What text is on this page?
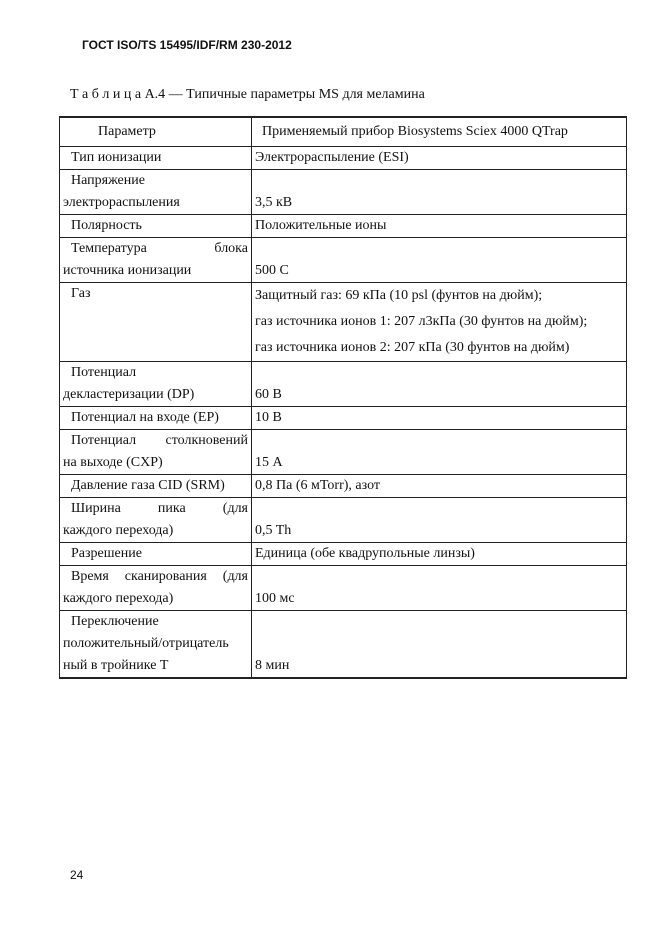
ГОСТ ISO/TS 15495/IDF/RM 230-2012
Т а б л и ц а А.4 — Типичные параметры MS для меламина
Параметр	Применяемый прибор Biosystems Sciex 4000 QTrap

Тип ионизации	Электрораспыление (ESI)

Напряжение
электрораспыления	3,5 кВ

Полярность	Положительные ионы

Температура блока
источника ионизации	500 С

Газ	Защитный газ: 69 кПа (10 psl (фунтов на дюйм);
газ источника ионов 1: 207 л3кПа (30 фунтов на дюйм);
газ источника ионов 2: 207 кПа (30 фунтов на дюйм)

Потенциал
декластеризации (DP)	60 В

Потенциал на входе (EP)	10 В

Потенциал столкновений
на выходе (CXP)	15 А

Давление газа CID (SRM)	0,8 Па (6 мTorr), азот

Ширина пика (для
каждого перехода)	0,5 Th

Разрешение	Единица (обе квадрупольные линзы)

Время сканирования (для
каждого перехода)	100 мс

Переключение
положительный/отрицатель
ный в тройнике Т	8 мин
24
